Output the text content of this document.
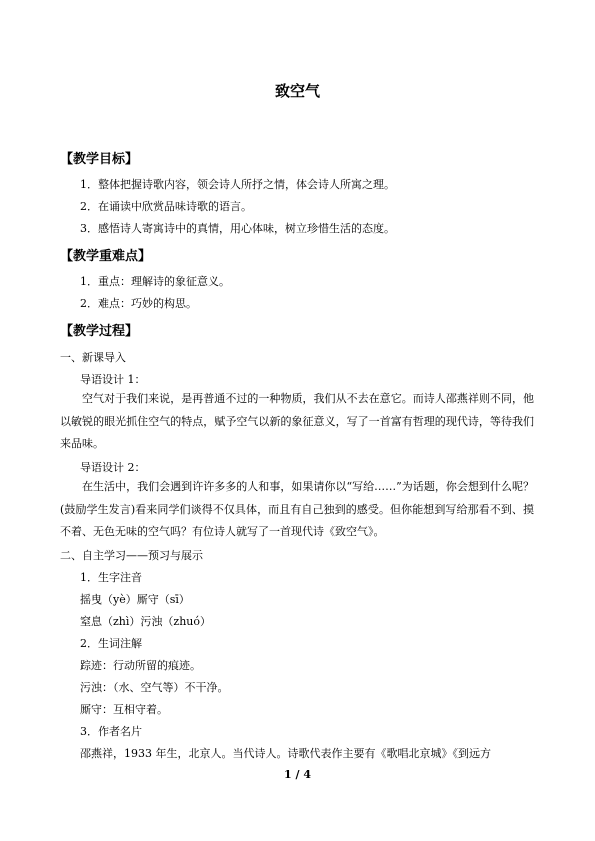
致空气
【教学目标】
1．整体把握诗歌内容，领会诗人所抒之情，体会诗人所寓之理。
2．在诵读中欣赏品味诗歌的语言。
3．感悟诗人寄寓诗中的真情，用心体味，树立珍惜生活的态度。
【教学重难点】
1．重点：理解诗的象征意义。
2．难点：巧妙的构思。
【教学过程】
一、新课导入
导语设计 1：
空气对于我们来说，是再普通不过的一种物质，我们从不去在意它。而诗人邵燕祥则不同，他以敏锐的眼光抓住空气的特点，赋予空气以新的象征意义，写了一首富有哲理的现代诗，等待我们来品味。
导语设计 2：
在生活中，我们会遇到许许多多的人和事，如果请你以“写给……”为话题，你会想到什么呢？(鼓励学生发言)看来同学们谈得不仅具体，而且有自己独到的感受。但你能想到写给那看不到、摸不着、无色无味的空气吗？有位诗人就写了一首现代诗《致空气》。
二、自主学习——预习与展示
1．生字注音
摇曳（yè）厮守（sī）
窒息（zhì）污浊（zhuó）
2．生词注解
踪迹：行动所留的痕迹。
污浊：（水、空气等）不干净。
厮守：互相守着。
3．作者名片
邵燕祥，1933 年生，北京人。当代诗人。诗歌代表作主要有《歌唱北京城》《到远方
1 / 4
